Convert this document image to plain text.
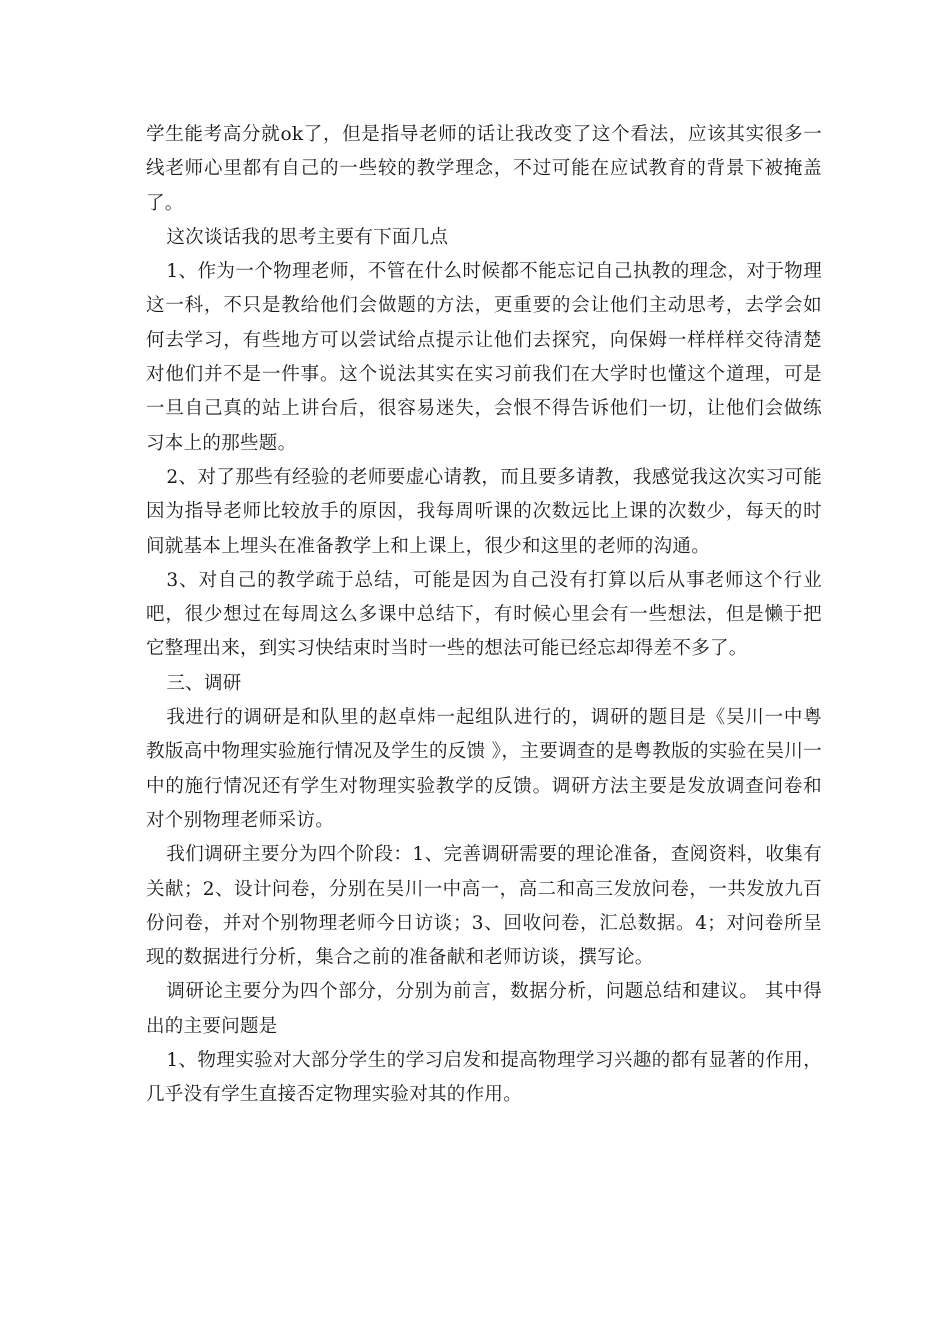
学生能考高分就ok了，但是指导老师的话让我改变了这个看法，应该其实很多一线老师心里都有自己的一些较的教学理念，不过可能在应试教育的背景下被掩盖了。

这次谈话我的思考主要有下面几点

1、作为一个物理老师，不管在什么时候都不能忘记自己执教的理念，对于物理这一科，不只是教给他们会做题的方法，更重要的会让他们主动思考，去学会如何去学习，有些地方可以尝试给点提示让他们去探究，向保姆一样样样交待清楚对他们并不是一件事。这个说法其实在实习前我们在大学时也懂这个道理，可是一旦自己真的站上讲台后，很容易迷失，会恨不得告诉他们一切，让他们会做练习本上的那些题。

2、对了那些有经验的老师要虚心请教，而且要多请教，我感觉我这次实习可能因为指导老师比较放手的原因，我每周听课的次数远比上课的次数少，每天的时间就基本上埋头在准备教学上和上课上，很少和这里的老师的沟通。

3、对自己的教学疏于总结，可能是因为自己没有打算以后从事老师这个行业吧，很少想过在每周这么多课中总结下，有时候心里会有一些想法，但是懒于把它整理出来，到实习快结束时当时一些的想法可能已经忘却得差不多了。

三、调研

我进行的调研是和队里的赵卓炜一起组队进行的，调研的题目是《吴川一中粤教版高中物理实验施行情况及学生的反馈 》，主要调查的是粤教版的实验在吴川一中的施行情况还有学生对物理实验教学的反馈。调研方法主要是发放调查问卷和对个别物理老师采访。

我们调研主要分为四个阶段：1、完善调研需要的理论准备，查阅资料，收集有关献；2、设计问卷，分别在吴川一中高一，高二和高三发放问卷，一共发放九百份问卷，并对个别物理老师今日访谈；3、回收问卷，汇总数据。4；对问卷所呈现的数据进行分析，集合之前的准备献和老师访谈，撰写论。

调研论主要分为四个部分，分别为前言，数据分析，问题总结和建议。 其中得出的主要问题是

1、物理实验对大部分学生的学习启发和提高物理学习兴趣的都有显著的作用，几乎没有学生直接否定物理实验对其的作用。
